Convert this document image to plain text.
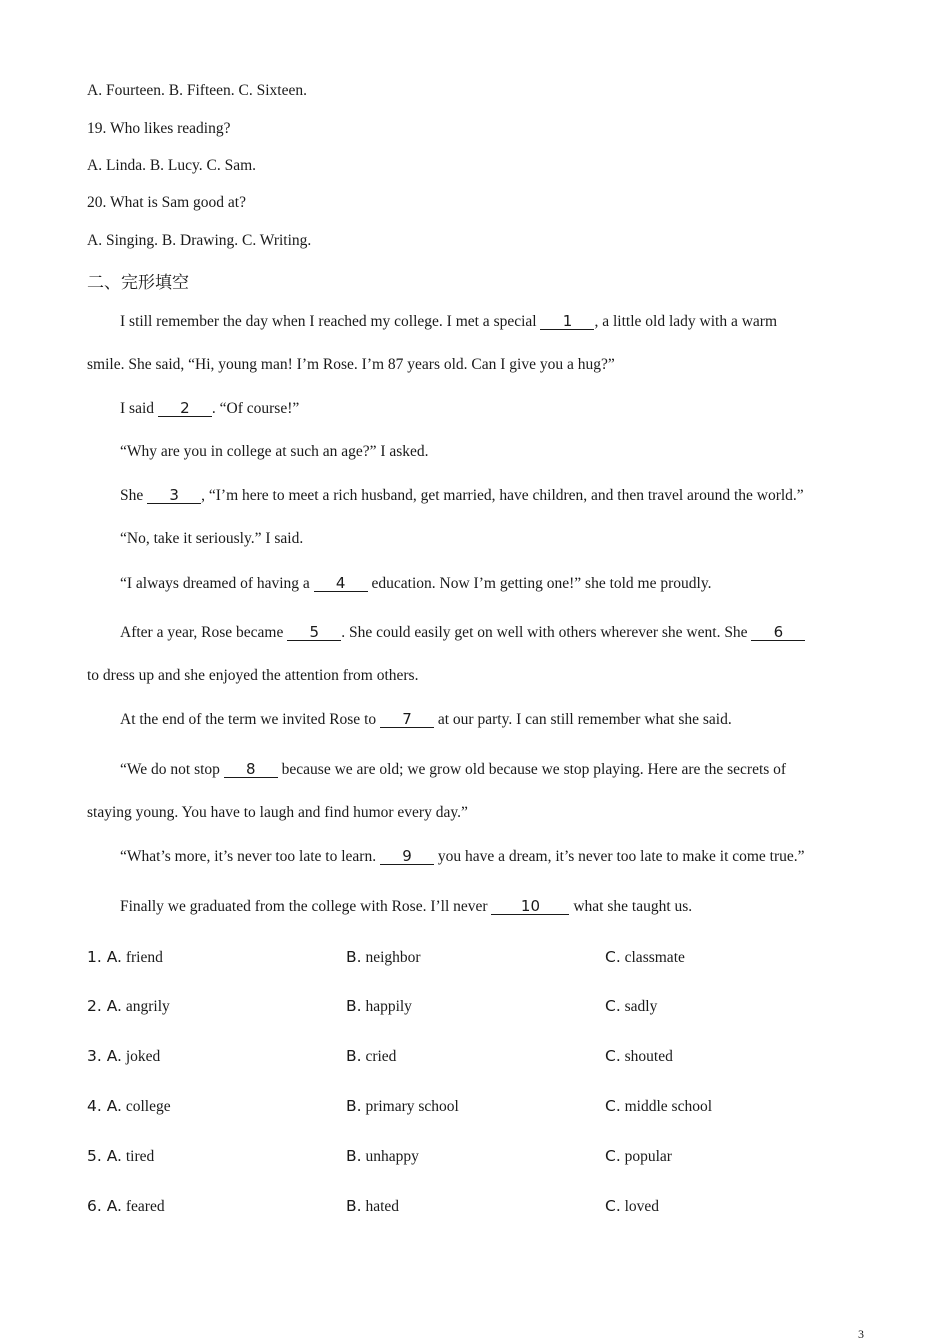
A. Fourteen. B. Fifteen. C. Sixteen.
19. Who likes reading?
A. Linda. B. Lucy. C. Sam.
20. What is Sam good at?
A. Singing. B. Drawing. C. Writing.
二、完形填空
I still remember the day when I reached my college. I met a special 1 , a little old lady with a warm
smile. She said, “Hi, young man! I’m Rose. I’m 87 years old. Can I give you a hug?”
I said 2 . “Of course!”
“Why are you in college at such an age?” I asked.
She 3 , “I’m here to meet a rich husband, get married, have children, and then travel around the world.”
“No, take it seriously.” I said.
“I always dreamed of having a 4 education. Now I’m getting one!” she told me proudly.
After a year, Rose became 5 . She could easily get on well with others wherever she went. She 6
to dress up and she enjoyed the attention from others.
At the end of the term we invited Rose to 7 at our party. I can still remember what she said.
“We do not stop 8 because we are old; we grow old because we stop playing. Here are the secrets of
staying young. You have to laugh and find humor every day.”
“What’s more, it’s never too late to learn. 9 you have a dream, it’s never too late to make it come true.”
Finally we graduated from the college with Rose. I’ll never 10 what she taught us.
1. A. friend	B. neighbor	C. classmate
2. A. angrily	B. happily	C. sadly
3. A. joked	B. cried	C. shouted
4. A. college	B. primary school	C. middle school
5. A. tired	B. unhappy	C. popular
6. A. feared	B. hated	C. loved
3
